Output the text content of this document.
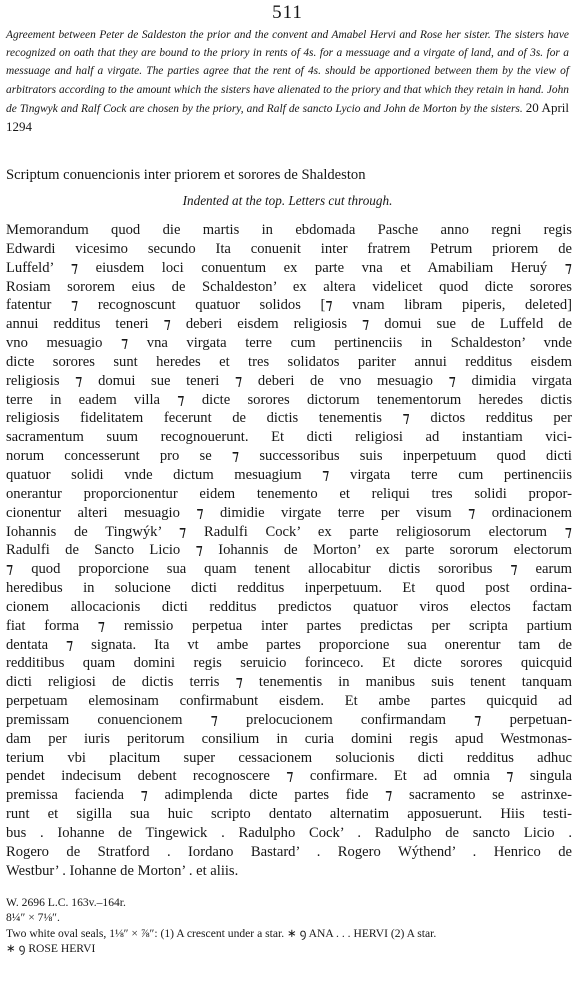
511
Agreement between Peter de Saldeston the prior and the convent and Amabel Hervi and Rose her sister. The sisters have recognized on oath that they are bound to the priory in rents of 4s. for a messuage and a virgate of land, and of 3s. for a messuage and half a virgate. The parties agree that the rent of 4s. should be apportioned between them by the view of arbitrators according to the amount which the sisters have alienated to the priory and that which they retain in hand. John de Tingwyk and Ralf Cock are chosen by the priory, and Ralf de sancto Lycio and John de Morton by the sisters. 20 April 1294
Scriptum conuencionis inter priorem et sorores de Shaldeston
Indented at the top. Letters cut through.
Memorandum quod die martis in ebdomada Pasche anno regni regis
Edwardi vicesimo secundo Ita conuenit inter fratrem Petrum priorem de
Luffeld’ ⁊ eiusdem loci conuentum ex parte vna et Amabiliam Heruý ⁊
Rosiam sororem eius de Schaldeston’ ex altera videlicet quod dicte sorores
fatentur ⁊ recognoscunt quatuor solidos [⁊ vnam libram piperis, deleted]
annui redditus teneri ⁊ deberi eisdem religiosis ⁊ domui sue de Luffeld de
vno mesuagio ⁊ vna virgata terre cum pertinenciis in Schaldeston’ vnde
dicte sorores sunt heredes et tres solidatos pariter annui redditus eisdem
religiosis ⁊ domui sue teneri ⁊ deberi de vno mesuagio ⁊ dimidia virgata
terre in eadem villa ⁊ dicte sorores dictorum tenementorum heredes dictis
religiosis fidelitatem fecerunt de dictis tenementis ⁊ dictos redditus per
sacramentum suum recognouerunt. Et dicti religiosi ad instantiam vici-
norum concesserunt pro se ⁊ successoribus suis inperpetuum quod dicti
quatuor solidi vnde dictum mesuagium ⁊ virgata terre cum pertinenciis
onerantur proporcionentur eidem tenemento et reliqui tres solidi propor-
cionentur alteri mesuagio ⁊ dimidie virgate terre per visum ⁊ ordinacionem
Iohannis de Tingwýk’ ⁊ Radulfi Cock’ ex parte religiosorum electorum ⁊
Radulfi de Sancto Licio ⁊ Iohannis de Morton’ ex parte sororum electorum
⁊ quod proporcione sua quam tenent allocabitur dictis sororibus ⁊ earum
heredibus in solucione dicti redditus inperpetuum. Et quod post ordina-
cionem allocacionis dicti redditus predictos quatuor viros electos factam
fiat forma ⁊ remissio perpetua inter partes predictas per scripta partium
dentata ⁊ signata. Ita vt ambe partes proporcione sua onerentur tam de
redditibus quam domini regis seruicio forinceco. Et dicte sorores quicquid
dicti religiosi de dictis terris ⁊ tenementis in manibus suis tenent tanquam
perpetuam elemosinam confirmabunt eisdem. Et ambe partes quicquid ad
premissam conuencionem ⁊ prelocucionem confirmandam ⁊ perpetuan-
dam per iuris peritorum consilium in curia domini regis apud Westmonas-
terium vbi placitum super cessacionem solucionis dicti redditus adhuc
pendet indecisum debent recognoscere ⁊ confirmare. Et ad omnia ⁊ singula
premissa facienda ⁊ adimplenda dicte partes fide ⁊ sacramento se astrinxe-
runt et sigilla sua huic scripto dentato alternatim apposuerunt. Hiis testi-
bus . Iohanne de Tingewick . Radulpho Cock’ . Radulpho de sancto Licio .
Rogero de Stratford . Iordano Bastard’ . Rogero Wýthend’ . Henrico de
Westbur’ . Iohanne de Morton’ . et aliis.
W. 2696 L.C. 163v.–164r.
8¼″ × 7⅛″.
Two white oval seals, 1⅛″ × ⅞″: (1) A crescent under a star. ∗ ꝯ ANA . . . HERVI (2) A star.
∗ ꝯ ROSE HERVI
